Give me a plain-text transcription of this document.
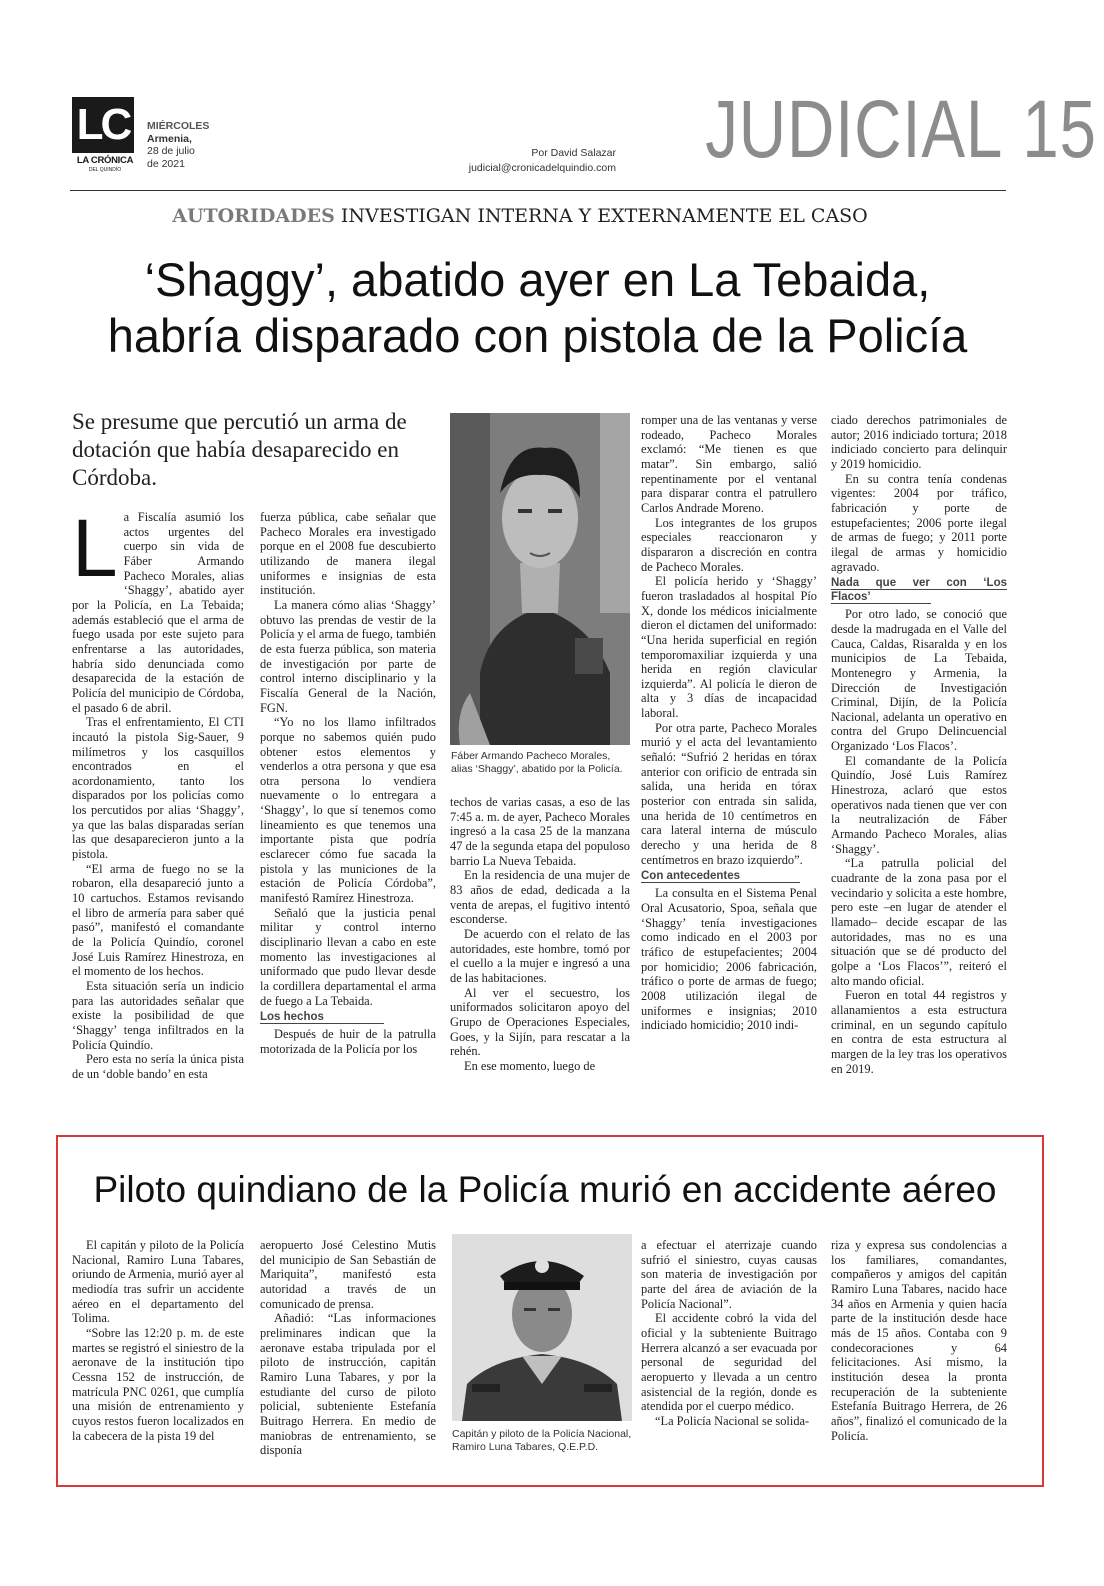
LC
LA CRÓNICA
DEL QUINDÍO
MIÉRCOLES
Armenia,
28 de julio
de 2021
Por David Salazar
judicial@cronicadelquindio.com JUDICIAL 15
AUTORIDADES INVESTIGAN INTERNA Y EXTERNAMENTE EL CASO
‘Shaggy’, abatido ayer en La Tebaida,
habría disparado con pistola de la Policía
Se presume que percutió un arma de dotación que había desaparecido en Córdoba.

La Fiscalía asumió los actos urgentes del cuerpo sin vida de Fáber Armando Pacheco Morales, alias ‘Shaggy’, abatido ayer por la Policía, en La Tebaida; además estableció que el arma de fuego usada por este sujeto para enfrentarse a las autoridades, habría sido denunciada como desaparecida de la estación de Policía del municipio de Córdoba, el pasado 6 de abril.

Tras el enfrentamiento, El CTI incautó la pistola Sig-Sauer, 9 milímetros y los casquillos encontrados en el acordonamiento, tanto los disparados por los policías como los percutidos por alias ‘Shaggy’, ya que las balas disparadas serían las que desaparecieron junto a la pistola.

“El arma de fuego no se la robaron, ella desapareció junto a 10 cartuchos. Estamos revisando el libro de armería para saber qué pasó”, manifestó el comandante de la Policía Quindío, coronel José Luis Ramírez Hinestroza, en el momento de los hechos.

Esta situación sería un indicio para las autoridades señalar que existe la posibilidad de que ‘Shaggy’ tenga infiltrados en la Policía Quindío.

Pero esta no sería la única pista de un ‘doble bando’ en esta

fuerza pública, cabe señalar que Pacheco Morales era investigado porque en el 2008 fue descubierto utilizando de manera ilegal uniformes e insignias de esta institución.

La manera cómo alias ‘Shaggy’ obtuvo las prendas de vestir de la Policía y el arma de fuego, también de esta fuerza pública, son materia de investigación por parte de control interno disciplinario y la Fiscalía General de la Nación, FGN.

“Yo no los llamo infiltrados porque no sabemos quién pudo obtener estos elementos y venderlos a otra persona y que esa otra persona lo vendiera nuevamente o lo entregara a ‘Shaggy’, lo que sí tenemos como lineamiento es que tenemos una importante pista que podría esclarecer cómo fue sacada la pistola y las municiones de la estación de Policía Córdoba”, manifestó Ramírez Hinestroza.

Señaló que la justicia penal militar y control interno disciplinario llevan a cabo en este momento las investigaciones al uniformado que pudo llevar desde la cordillera departamental el arma de fuego a La Tebaida.

Los hechos

Después de huir de la patrulla motorizada de la Policía por los

Fáber Armando Pacheco Morales, alias ‘Shaggy’, abatido por la Policía.

techos de varias casas, a eso de las 7:45 a. m. de ayer, Pacheco Morales ingresó a la casa 25 de la manzana 47 de la segunda etapa del populoso barrio La Nueva Tebaida.

En la residencia de una mujer de 83 años de edad, dedicada a la venta de arepas, el fugitivo intentó esconderse.

De acuerdo con el relato de las autoridades, este hombre, tomó por el cuello a la mujer e ingresó a una de las habitaciones.

Al ver el secuestro, los uniformados solicitaron apoyo del Grupo de Operaciones Especiales, Goes, y la Sijín, para rescatar a la rehén.

En ese momento, luego de

romper una de las ventanas y verse rodeado, Pacheco Morales exclamó: “Me tienen es que matar”. Sin embargo, salió repentinamente por el ventanal para disparar contra el patrullero Carlos Andrade Moreno.

Los integrantes de los grupos especiales reaccionaron y dispararon a discreción en contra de Pacheco Morales.

El policía herido y ‘Shaggy’ fueron trasladados al hospital Pío X, donde los médicos inicialmente dieron el dictamen del uniformado: “Una herida superficial en región temporomaxiliar izquierda y una herida en región clavicular izquierda”. Al policía le dieron de alta y 3 días de incapacidad laboral.

Por otra parte, Pacheco Morales murió y el acta del levantamiento señaló: “Sufrió 2 heridas en tórax anterior con orificio de entrada sin salida, una herida en tórax posterior con entrada sin salida, una herida de 10 centímetros en cara lateral interna de músculo derecho y una herida de 8 centímetros en brazo izquierdo”.

Con antecedentes

La consulta en el Sistema Penal Oral Acusatorio, Spoa, señala que ‘Shaggy’ tenía investigaciones como indicado en el 2003 por tráfico de estupefacientes; 2004 por homicidio; 2006 fabricación, tráfico o porte de armas de fuego; 2008 utilización ilegal de uniformes e insignias; 2010 indiciado homicidio; 2010 indi-

ciado derechos patrimoniales de autor; 2016 indiciado tortura; 2018 indiciado concierto para delinquir y 2019 homicidio.

En su contra tenía condenas vigentes: 2004 por tráfico, fabricación y porte de estupefacientes; 2006 porte ilegal de armas de fuego; y 2011 porte ilegal de armas y homicidio agravado.

Nada que ver con ‘Los Flacos’

Por otro lado, se conoció que desde la madrugada en el Valle del Cauca, Caldas, Risaralda y en los municipios de La Tebaida, Montenegro y Armenia, la Dirección de Investigación Criminal, Dijín, de la Policía Nacional, adelanta un operativo en contra del Grupo Delincuencial Organizado ‘Los Flacos’.

El comandante de la Policía Quindío, José Luis Ramírez Hinestroza, aclaró que estos operativos nada tienen que ver con la neutralización de Fáber Armando Pacheco Morales, alias ‘Shaggy’.

“La patrulla policial del cuadrante de la zona pasa por el vecindario y solicita a este hombre, pero este –en lugar de atender el llamado– decide escapar de las autoridades, mas no es una situación que se dé producto del golpe a ‘Los Flacos’”, reiteró el alto mando oficial.

Fueron en total 44 registros y allanamientos a esta estructura criminal, en un segundo capítulo en contra de esta estructura al margen de la ley tras los operativos en 2019.

Piloto quindiano de la Policía murió en accidente aéreo

El capitán y piloto de la Policía Nacional, Ramiro Luna Tabares, oriundo de Armenia, murió ayer al mediodía tras sufrir un accidente aéreo en el departamento del Tolima.

“Sobre las 12:20 p. m. de este martes se registró el siniestro de la aeronave de la institución tipo Cessna 152 de instrucción, de matrícula PNC 0261, que cumplía una misión de entrenamiento y cuyos restos fueron localizados en la cabecera de la pista 19 del

aeropuerto José Celestino Mutis del municipio de San Sebastián de Mariquita”, manifestó esta autoridad a través de un comunicado de prensa.

Añadió: “Las informaciones preliminares indican que la aeronave estaba tripulada por el piloto de instrucción, capitán Ramiro Luna Tabares, y por la estudiante del curso de piloto policial, subteniente Estefanía Buitrago Herrera. En medio de maniobras de entrenamiento, se disponía

Capitán y piloto de la Policía Nacional, Ramiro Luna Tabares, Q.E.P.D.

a efectuar el aterrizaje cuando sufrió el siniestro, cuyas causas son materia de investigación por parte del área de aviación de la Policía Nacional”.

El accidente cobró la vida del oficial y la subteniente Buitrago Herrera alcanzó a ser evacuada por personal de seguridad del aeropuerto y llevada a un centro asistencial de la región, donde es atendida por el cuerpo médico.

“La Policía Nacional se solida-

riza y expresa sus condolencias a los familiares, comandantes, compañeros y amigos del capitán Ramiro Luna Tabares, nacido hace 34 años en Armenia y quien hacía parte de la institución desde hace más de 15 años. Contaba con 9 condecoraciones y 64 felicitaciones. Así mismo, la institución desea la pronta recuperación de la subteniente Estefanía Buitrago Herrera, de 26 años”, finalizó el comunicado de la Policía.
